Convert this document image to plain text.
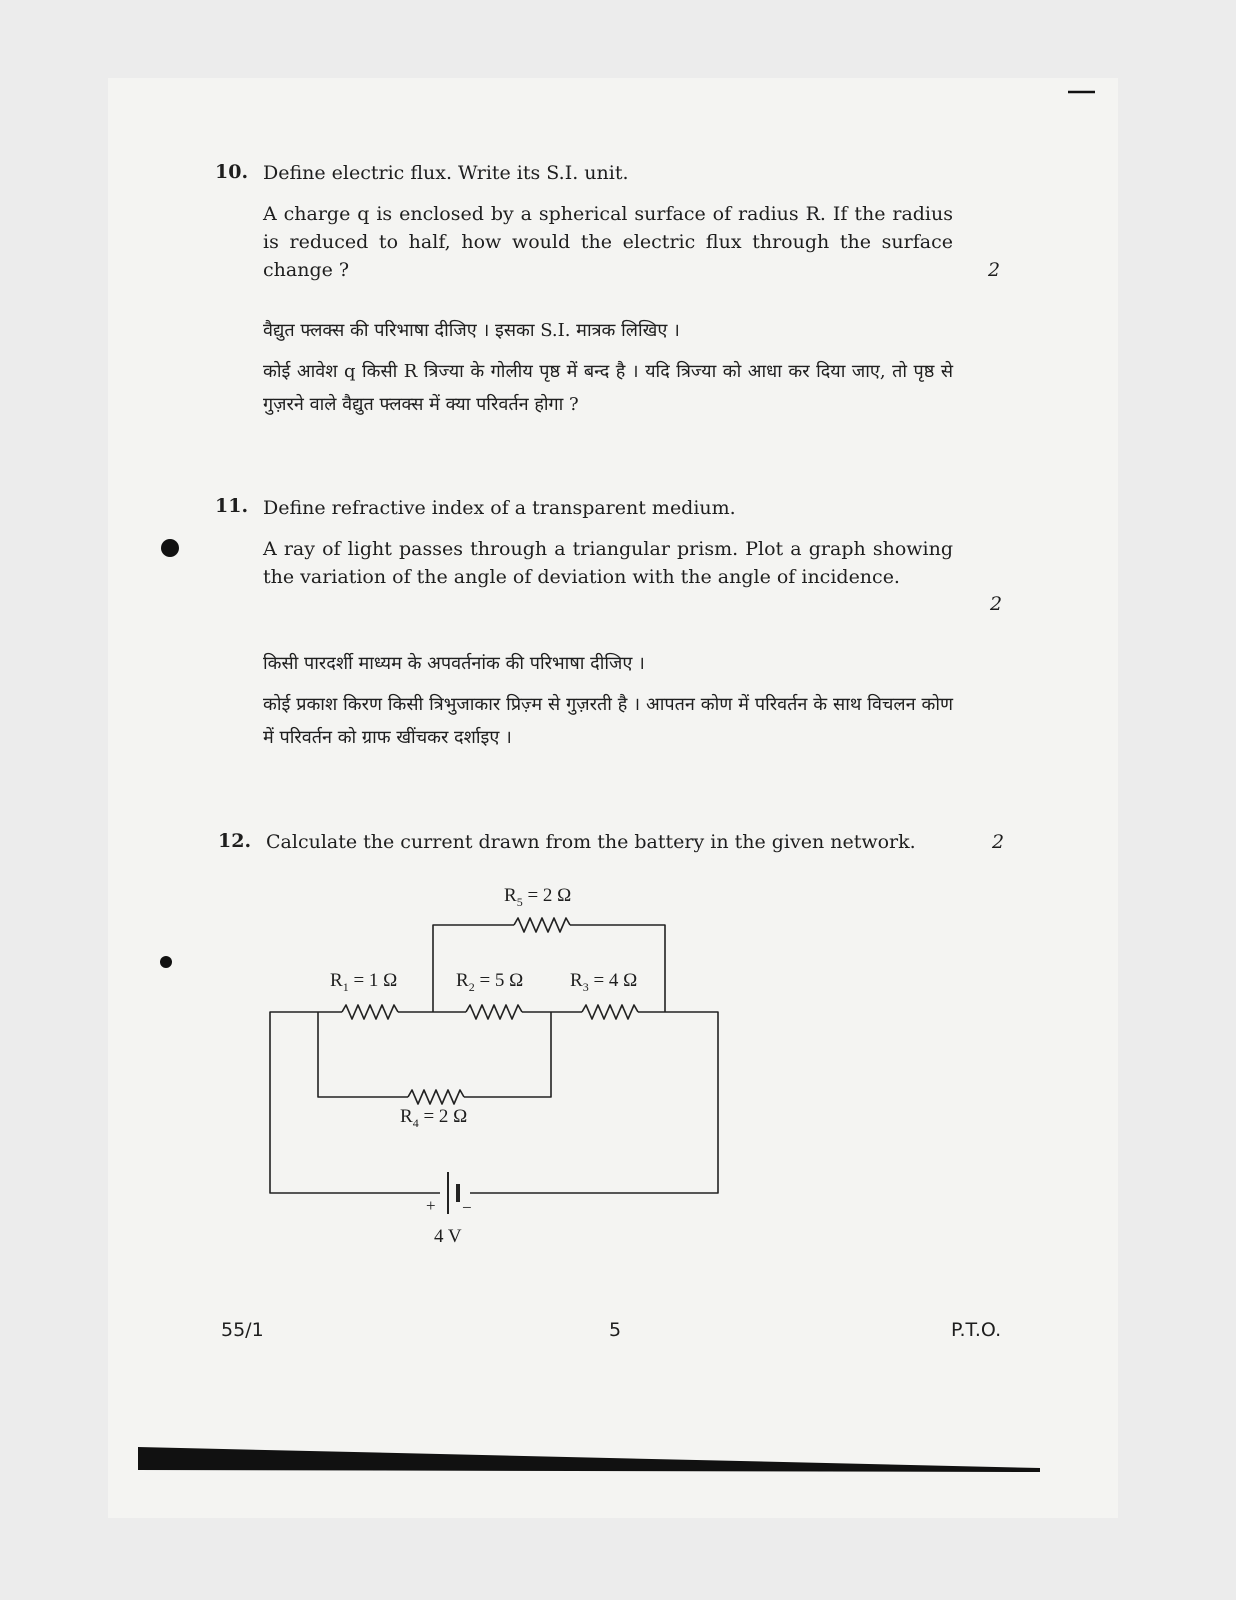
10. Define electric flux. Write its S.I. unit.
A charge q is enclosed by a spherical surface of radius R. If the radius is reduced to half, how would the electric flux through the surface change ?	2
वैद्युत फ्लक्स की परिभाषा दीजिए । इसका S.I. मात्रक लिखिए ।
कोई आवेश q किसी R त्रिज्या के गोलीय पृष्ठ में बन्द है । यदि त्रिज्या को आधा कर दिया जाए, तो पृष्ठ से गुज़रने वाले वैद्युत फ्लक्स में क्या परिवर्तन होगा ?
11. Define refractive index of a transparent medium.
A ray of light passes through a triangular prism. Plot a graph showing the variation of the angle of deviation with the angle of incidence.
2
किसी पारदर्शी माध्यम के अपवर्तनांक की परिभाषा दीजिए ।
कोई प्रकाश किरण किसी त्रिभुजाकार प्रिज़्म से गुज़रती है । आपतन कोण में परिवर्तन के साथ विचलन कोण में परिवर्तन को ग्राफ खींचकर दर्शाइए ।
12. Calculate the current drawn from the battery in the given network.	2
$R_5 = 2$ Ω
$R_1 = 1$ Ω	$R_2 = 5$ Ω $R_3 = 4$ Ω
$R_4 = 2$ Ω
+ −
4 V
55/1	5	P.T.O.
